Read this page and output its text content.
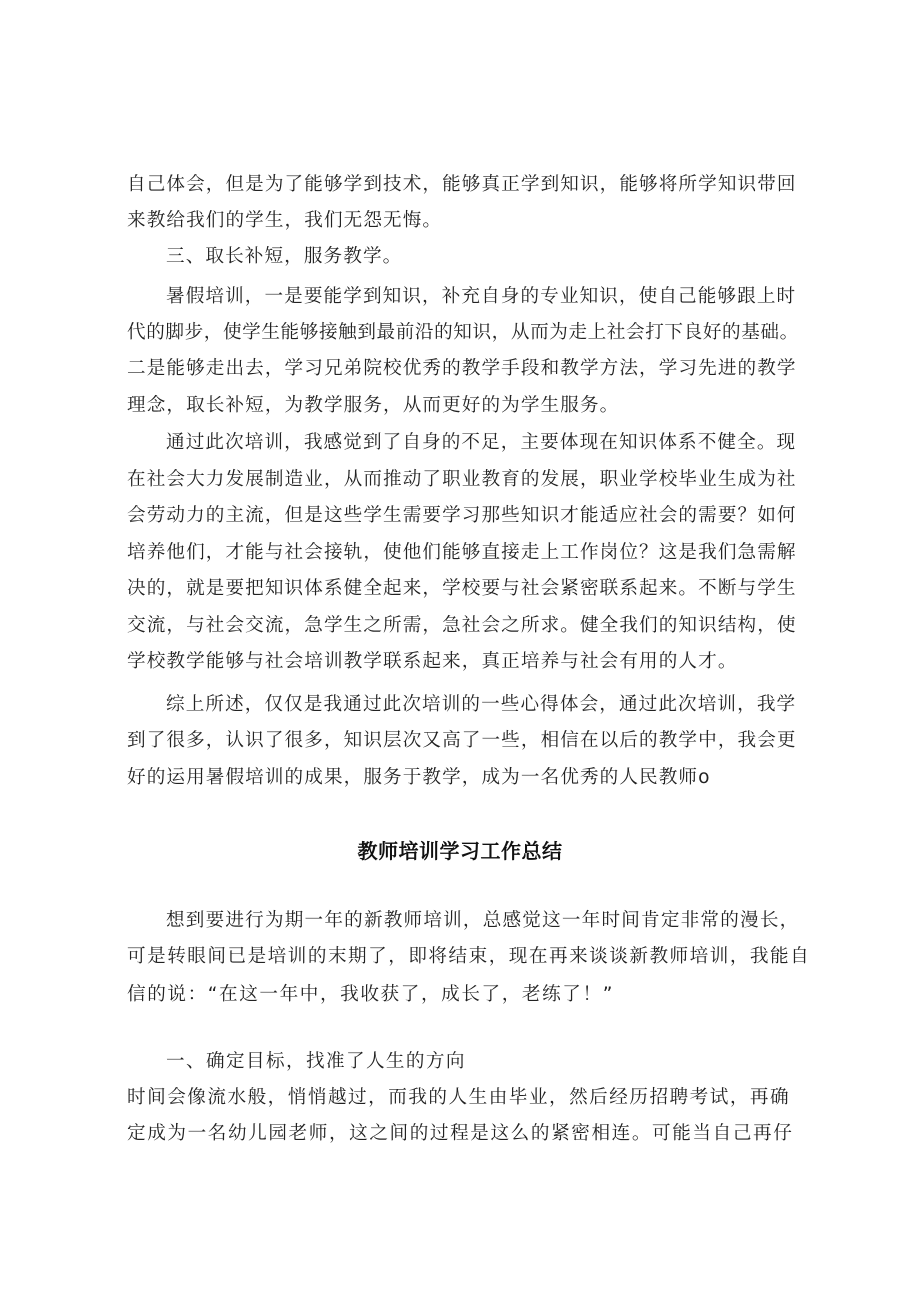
自己体会，但是为了能够学到技术，能够真正学到知识，能够将所学知识带回
来教给我们的学生，我们无怨无悔。
三、取长补短，服务教学。
暑假培训，一是要能学到知识，补充自身的专业知识，使自己能够跟上时
代的脚步，使学生能够接触到最前沿的知识，从而为走上社会打下良好的基础。
二是能够走出去，学习兄弟院校优秀的教学手段和教学方法，学习先进的教学
理念，取长补短，为教学服务，从而更好的为学生服务。
通过此次培训，我感觉到了自身的不足，主要体现在知识体系不健全。现
在社会大力发展制造业，从而推动了职业教育的发展，职业学校毕业生成为社
会劳动力的主流，但是这些学生需要学习那些知识才能适应社会的需要？如何
培养他们，才能与社会接轨，使他们能够直接走上工作岗位？这是我们急需解
决的，就是要把知识体系健全起来，学校要与社会紧密联系起来。不断与学生
交流，与社会交流，急学生之所需，急社会之所求。健全我们的知识结构，使
学校教学能够与社会培训教学联系起来，真正培养与社会有用的人才。
综上所述，仅仅是我通过此次培训的一些心得体会，通过此次培训，我学
到了很多，认识了很多，知识层次又高了一些，相信在以后的教学中，我会更
好的运用暑假培训的成果，服务于教学，成为一名优秀的人民教师o
教师培训学习工作总结
想到要进行为期一年的新教师培训，总感觉这一年时间肯定非常的漫长，
可是转眼间已是培训的末期了，即将结束，现在再来谈谈新教师培训，我能自
信的说：“在这一年中，我收获了，成长了，老练了！”
一、确定目标，找准了人生的方向
时间会像流水般，悄悄越过，而我的人生由毕业，然后经历招聘考试，再确
定成为一名幼儿园老师，这之间的过程是这么的紧密相连。可能当自己再仔
